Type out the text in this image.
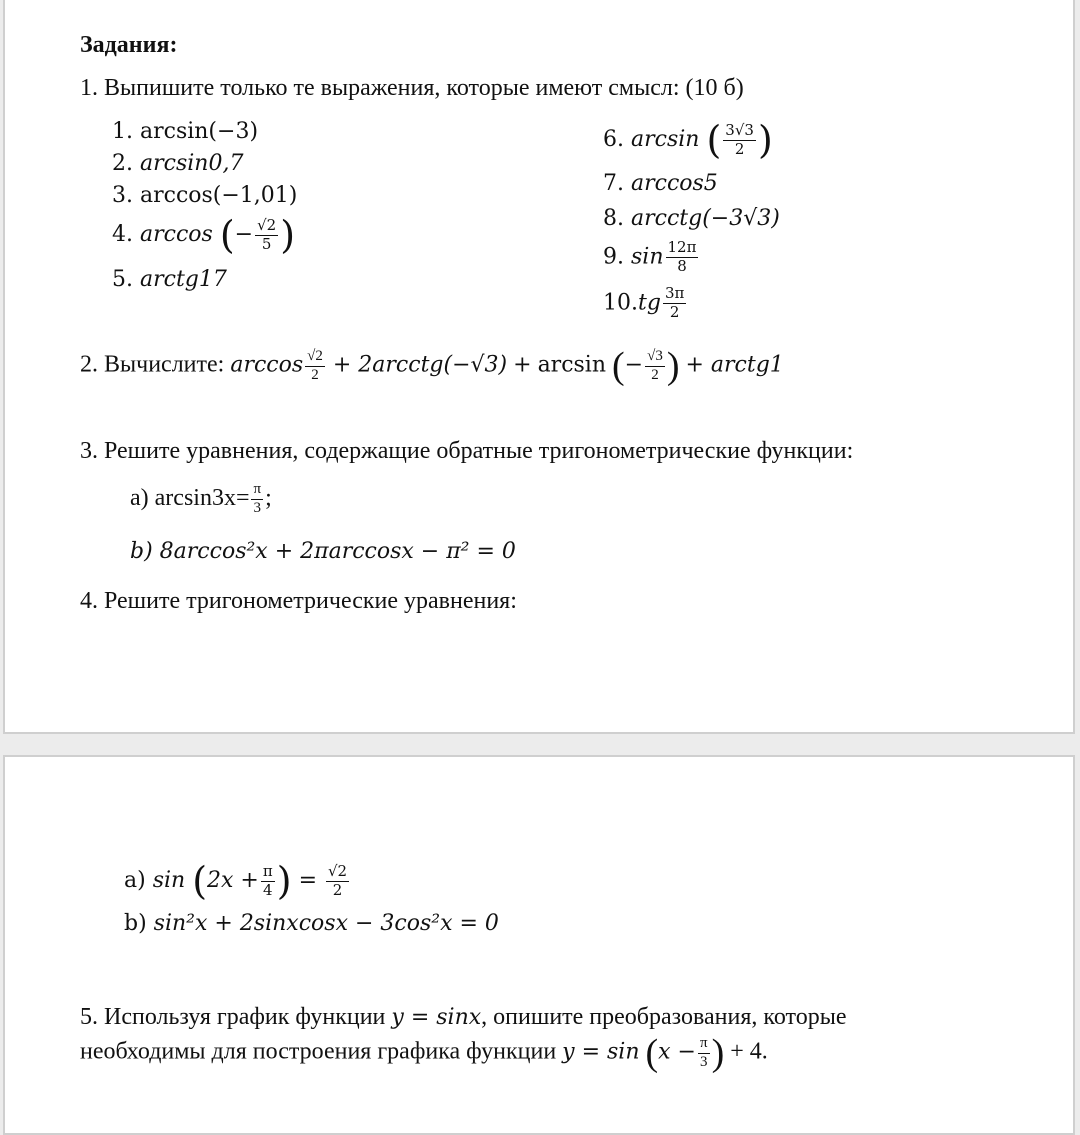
Задания:
1. Выпишите только те выражения, которые имеют смысл: (10 б)
1. arcsin(−3)
2. arcsin0,7
3. arccos(−1,01)
4. arccos (− $\frac{√2}{5}$ )
5. arctg17
6. arcsin ( $\frac{3√3}{2}$ )
7. arccos5
8. arcctg(−3√3)
9. $\sin \frac{12\pi}{8}$
$10.tg \frac{3\pi}{2}$
2. Вычислите: $\arccos \frac{√2}{2}$ + 2arcctg(−√3) + arcsin (− $\frac{√3}{2}$ ) + arctg1
3. Решите уравнения, содержащие обратные тригонометрические функции:
a) $\arcsin 3x= \frac{\pi}{3}$ ;
b) 8arccos²x + 2πarccosx − π² = 0
4. Решите тригонометрические уравнения:
a) $\sin (2x + \frac{\pi}{4}$ ) = $\frac{√2}{2}$
b) sin²x + 2sinxcosx − 3cos²x = 0
5. Используя график функции y = sinx, опишите преобразования, которые
необходимы для построения графика функции $y = \sin (x - \frac{\pi}{3}$ ) + 4.
